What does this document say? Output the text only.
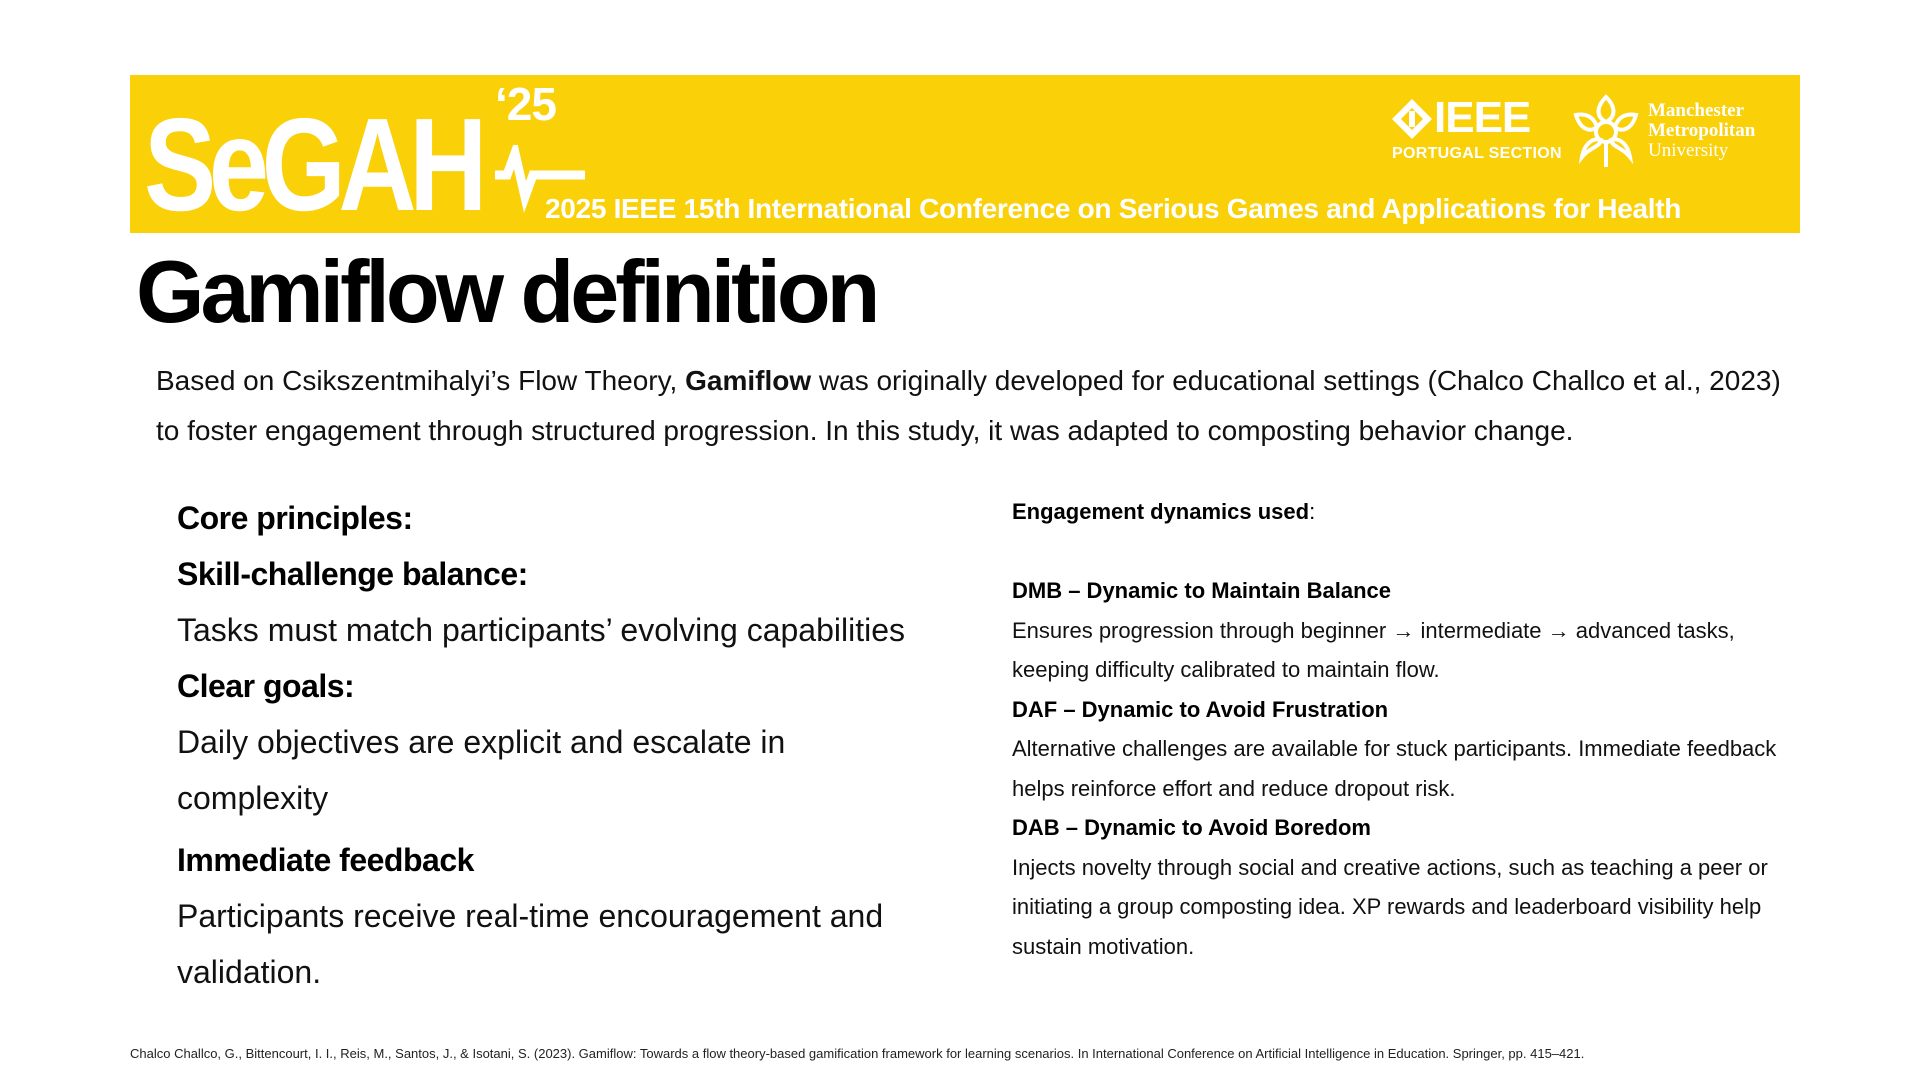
SeGAH ‘25
2025 IEEE 15th International Conference on Serious Games and Applications for Health
IEEE
PORTUGAL SECTION
Manchester
Metropolitan
University
Gamiflow definition
Based on Csikszentmihalyi’s Flow Theory, Gamiflow was originally developed for educational settings (Chalco Challco et al., 2023) to foster engagement through structured progression. In this study, it was adapted to composting behavior change.
Core principles:
Skill-challenge balance:
Tasks must match participants’ evolving capabilities
Clear goals:
Daily objectives are explicit and escalate in complexity
Immediate feedback
Participants receive real-time encouragement and validation.
Engagement dynamics used:
DMB – Dynamic to Maintain Balance
Ensures progression through beginner → intermediate → advanced tasks, keeping difficulty calibrated to maintain flow.
DAF – Dynamic to Avoid Frustration
Alternative challenges are available for stuck participants. Immediate feedback helps reinforce effort and reduce dropout risk.
DAB – Dynamic to Avoid Boredom
Injects novelty through social and creative actions, such as teaching a peer or initiating a group composting idea. XP rewards and leaderboard visibility help sustain motivation.
Chalco Challco, G., Bittencourt, I. I., Reis, M., Santos, J., & Isotani, S. (2023). Gamiflow: Towards a flow theory-based gamification framework for learning scenarios. In International Conference on Artificial Intelligence in Education. Springer, pp. 415–421.
